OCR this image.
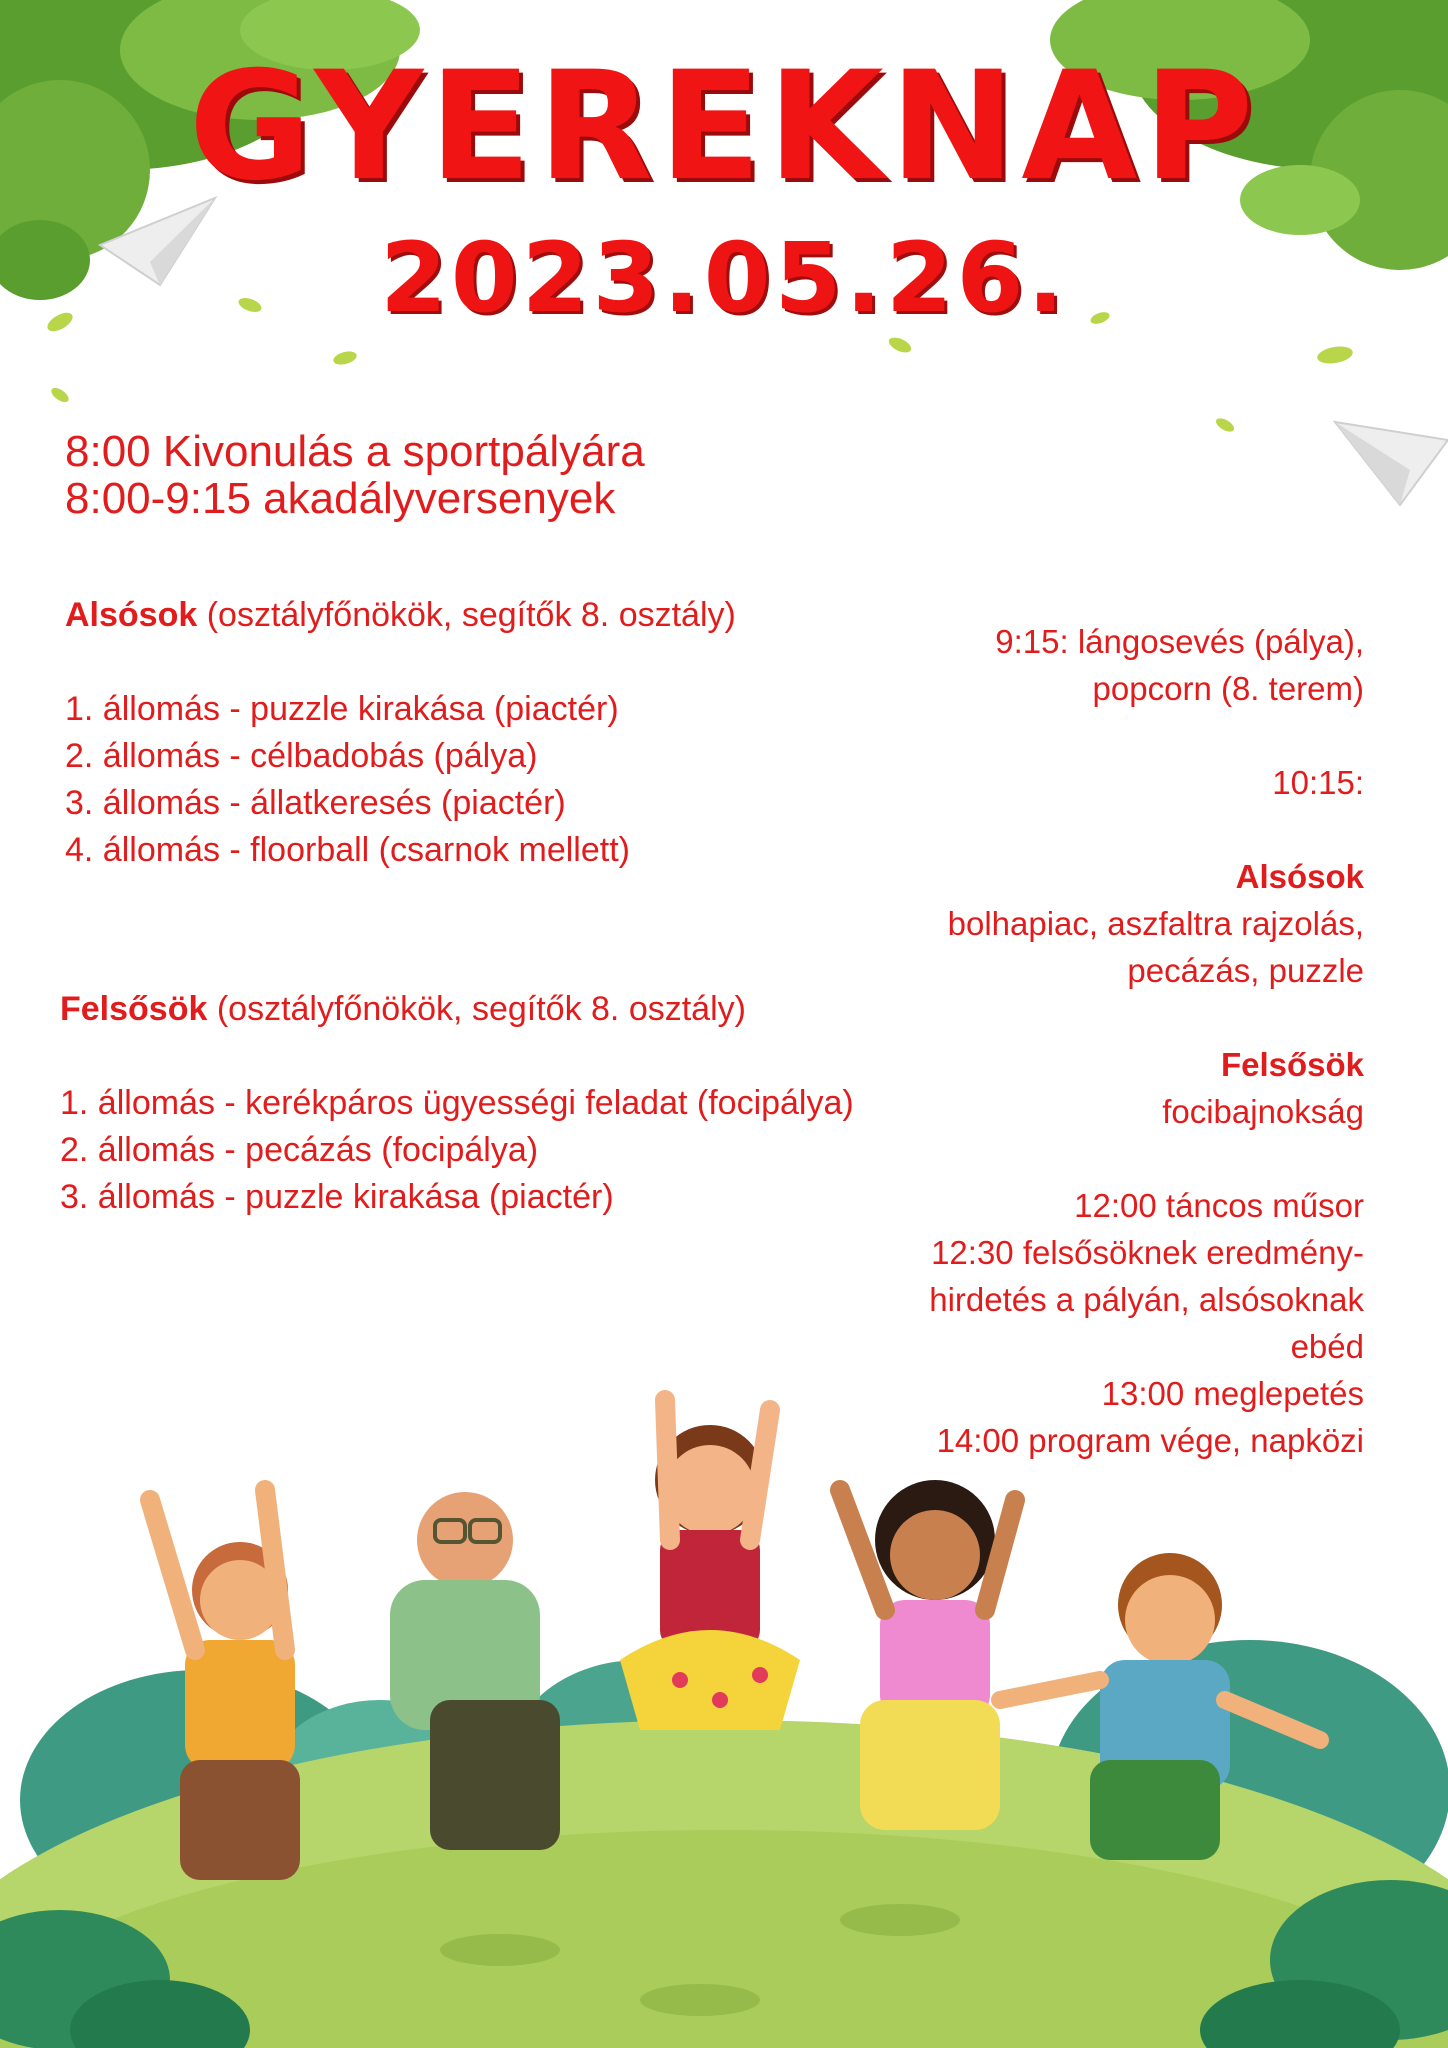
GYEREKNAP
2023.05.26.
8:00 Kivonulás a sportpályára
8:00-9:15 akadályversenyek
Alsósok (osztályfőnökök, segítők 8. osztály)
1. állomás - puzzle kirakása (piactér)
2. állomás - célbadobás (pálya)
3. állomás - állatkeresés (piactér)
4. állomás - floorball (csarnok mellett)
Felsősök (osztályfőnökök, segítők 8. osztály)
1. állomás - kerékpáros ügyességi feladat (focipálya)
2. állomás - pecázás (focipálya)
3. állomás - puzzle kirakása (piactér)
9:15: lángosevés (pálya),
popcorn (8. terem)
10:15:
Alsósok
bolhapiac, aszfaltra rajzolás,
pecázás, puzzle
Felsősök
focibajnokság
12:00 táncos műsor
12:30 felsősöknek eredmény-
hirdetés a pályán, alsósoknak
ebéd
13:00 meglepetés
14:00 program vége, napközi
